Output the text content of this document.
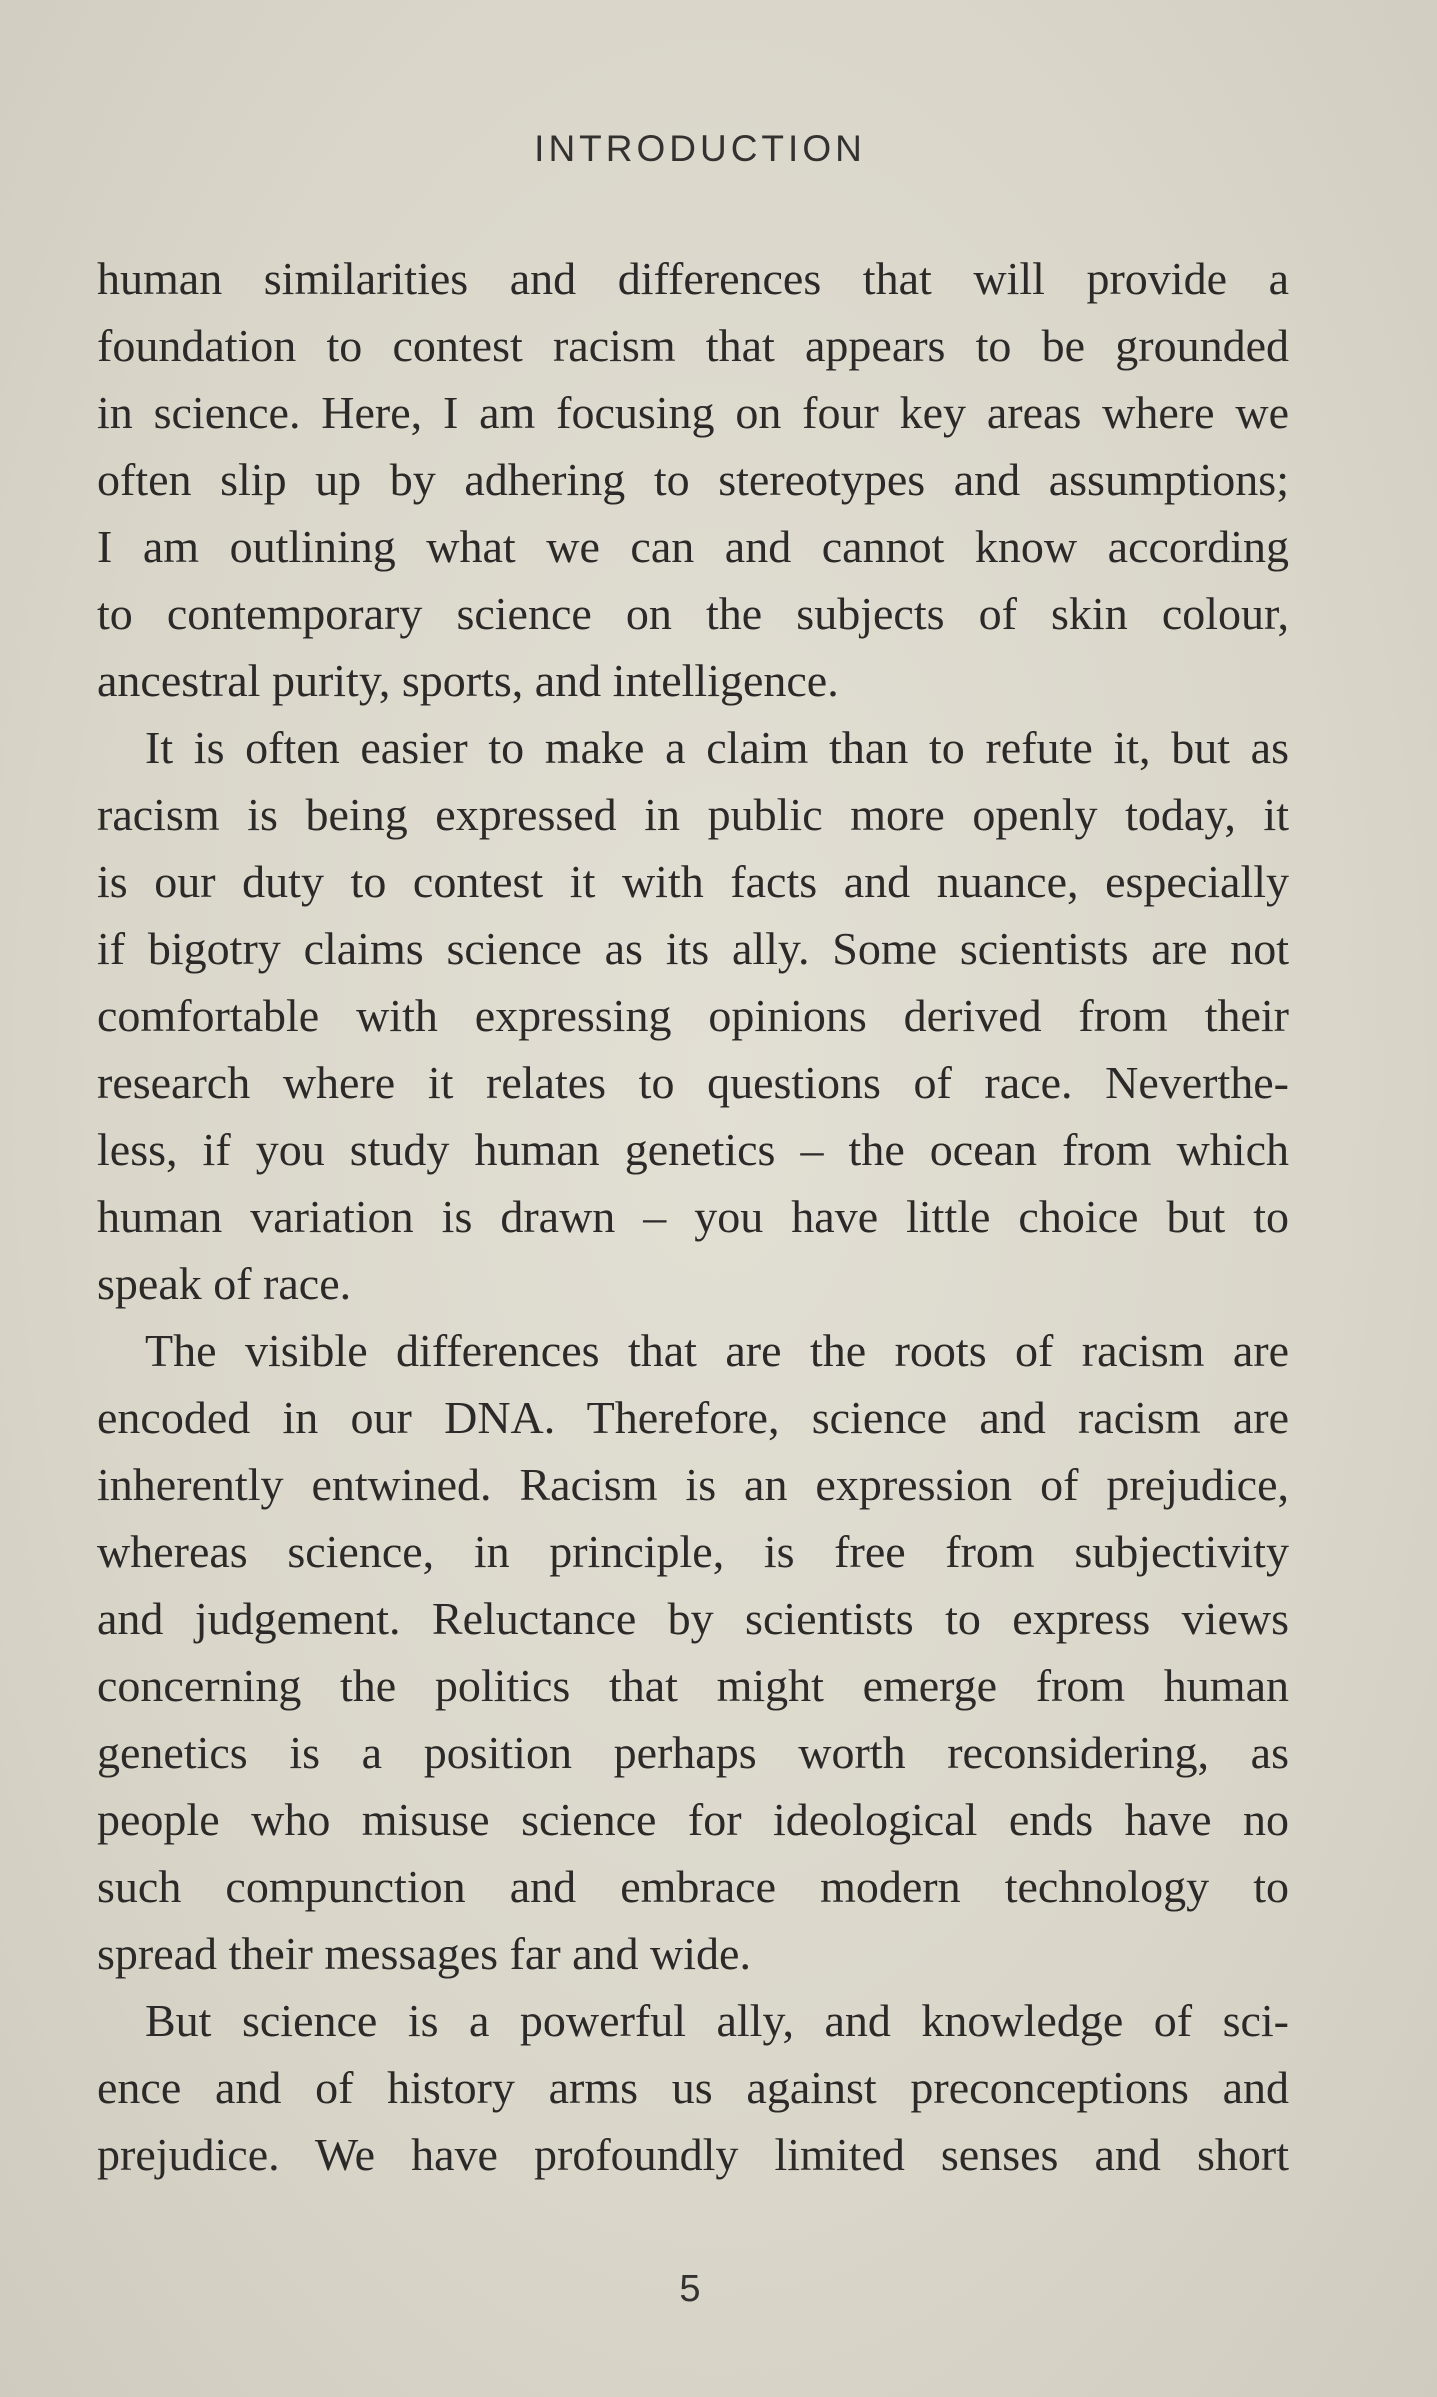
INTRODUCTION
human similarities and differences that will provide a
foundation to contest racism that appears to be grounded
in science. Here, I am focusing on four key areas where we
often slip up by adhering to stereotypes and assumptions;
I am outlining what we can and cannot know according
to contemporary science on the subjects of skin colour,
ancestral purity, sports, and intelligence.
It is often easier to make a claim than to refute it, but as
racism is being expressed in public more openly today, it
is our duty to contest it with facts and nuance, especially
if bigotry claims science as its ally. Some scientists are not
comfortable with expressing opinions derived from their
research where it relates to questions of race. Neverthe-
less, if you study human genetics – the ocean from which
human variation is drawn – you have little choice but to
speak of race.
The visible differences that are the roots of racism are
encoded in our DNA. Therefore, science and racism are
inherently entwined. Racism is an expression of prejudice,
whereas science, in principle, is free from subjectivity
and judgement. Reluctance by scientists to express views
concerning the politics that might emerge from human
genetics is a position perhaps worth reconsidering, as
people who misuse science for ideological ends have no
such compunction and embrace modern technology to
spread their messages far and wide.
But science is a powerful ally, and knowledge of sci-
ence and of history arms us against preconceptions and
prejudice. We have profoundly limited senses and short
5
